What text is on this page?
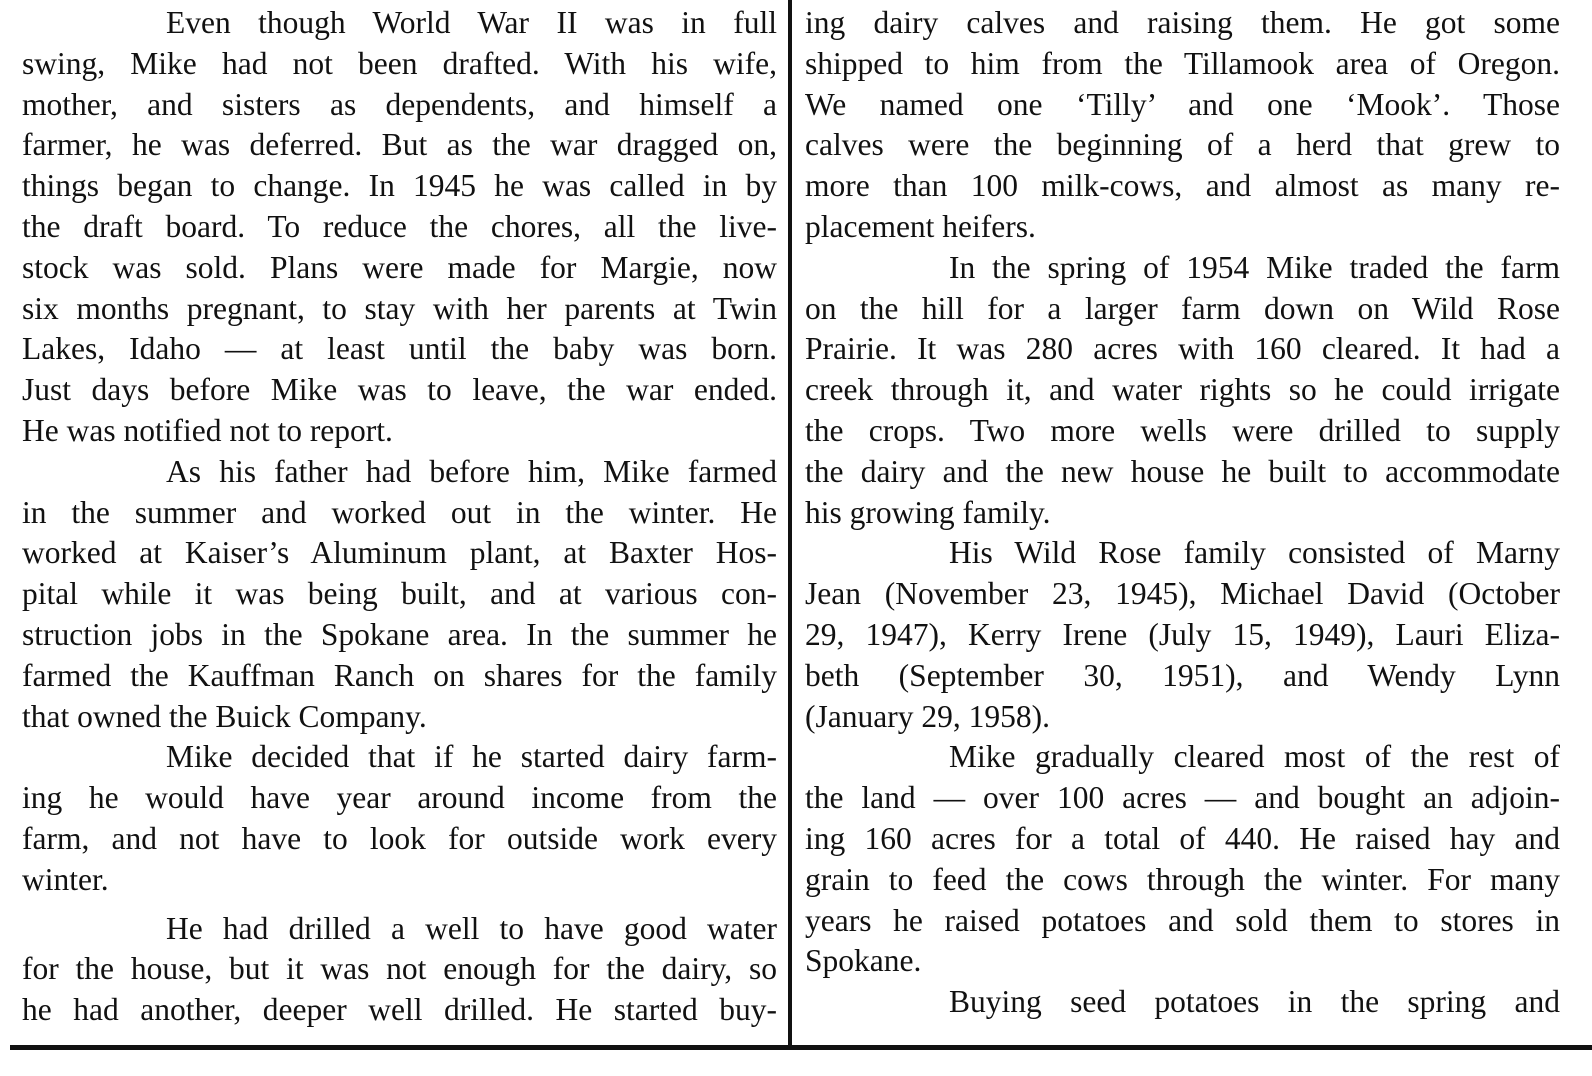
Even though World War II was in full
swing, Mike had not been drafted. With his wife,
mother, and sisters as dependents, and himself a
farmer, he was deferred. But as the war dragged on,
things began to change. In 1945 he was called in by
the draft board. To reduce the chores, all the live-
stock was sold. Plans were made for Margie, now
six months pregnant, to stay with her parents at Twin
Lakes, Idaho — at least until the baby was born.
Just days before Mike was to leave, the war ended.
He was notified not to report.
As his father had before him, Mike farmed
in the summer and worked out in the winter. He
worked at Kaiser’s Aluminum plant, at Baxter Hos-
pital while it was being built, and at various con-
struction jobs in the Spokane area. In the summer he
farmed the Kauffman Ranch on shares for the family
that owned the Buick Company.
Mike decided that if he started dairy farm-
ing he would have year around income from the
farm, and not have to look for outside work every
winter.
He had drilled a well to have good water
for the house, but it was not enough for the dairy, so
he had another, deeper well drilled. He started buy-
ing dairy calves and raising them. He got some
shipped to him from the Tillamook area of Oregon.
We named one ‘Tilly’ and one ‘Mook’. Those
calves were the beginning of a herd that grew to
more than 100 milk-cows, and almost as many re-
placement heifers.
In the spring of 1954 Mike traded the farm
on the hill for a larger farm down on Wild Rose
Prairie. It was 280 acres with 160 cleared. It had a
creek through it, and water rights so he could irrigate
the crops. Two more wells were drilled to supply
the dairy and the new house he built to accommodate
his growing family.
His Wild Rose family consisted of Marny
Jean (November 23, 1945), Michael David (October
29, 1947), Kerry Irene (July 15, 1949), Lauri Eliza-
beth (September 30, 1951), and Wendy Lynn
(January 29, 1958).
Mike gradually cleared most of the rest of
the land — over 100 acres — and bought an adjoin-
ing 160 acres for a total of 440. He raised hay and
grain to feed the cows through the winter. For many
years he raised potatoes and sold them to stores in
Spokane.
Buying seed potatoes in the spring and
